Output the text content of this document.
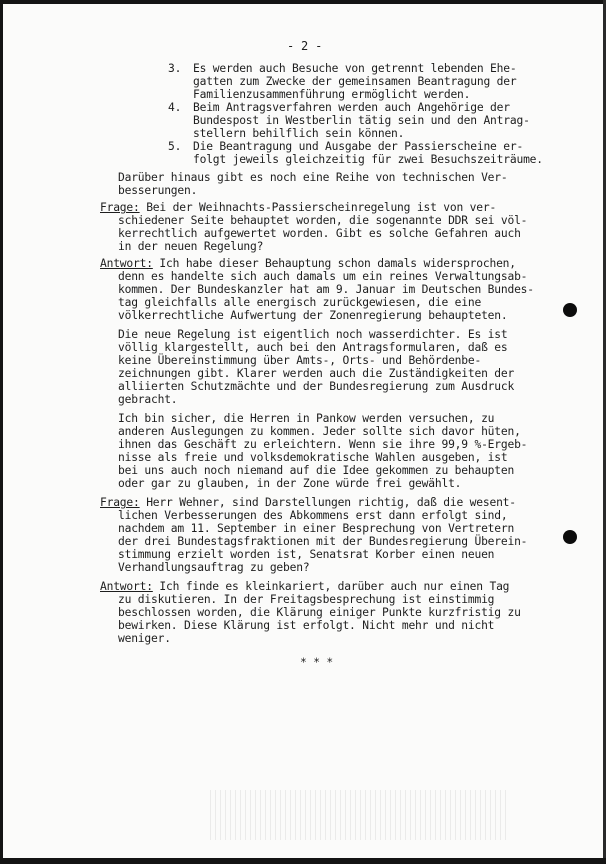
- 2 -
3. Es werden auch Besuche von getrennt lebenden Ehe-
gatten zum Zwecke der gemeinsamen Beantragung der
Familienzusammenführung ermöglicht werden.
4. Beim Antragsverfahren werden auch Angehörige der
Bundespost in Westberlin tätig sein und den Antrag-
stellern behilflich sein können.
5. Die Beantragung und Ausgabe der Passierscheine er-
folgt jeweils gleichzeitig für zwei Besuchszeiträume.
Darüber hinaus gibt es noch eine Reihe von technischen Ver-
besserungen.
Frage: Bei der Weihnachts-Passierscheinregelung ist von ver-
schiedener Seite behauptet worden, die sogenannte DDR sei völ-
kerrechtlich aufgewertet worden. Gibt es solche Gefahren auch
in der neuen Regelung?
Antwort: Ich habe dieser Behauptung schon damals widersprochen,
denn es handelte sich auch damals um ein reines Verwaltungsab-
kommen. Der Bundeskanzler hat am 9. Januar im Deutschen Bundes-
tag gleichfalls alle energisch zurückgewiesen, die eine
völkerrechtliche Aufwertung der Zonenregierung behaupteten.
Die neue Regelung ist eigentlich noch wasserdichter. Es ist
völlig klargestellt, auch bei den Antragsformularen, daß es
keine Übereinstimmung über Amts-, Orts- und Behördenbe-
zeichnungen gibt. Klarer werden auch die Zuständigkeiten der
alliierten Schutzmächte und der Bundesregierung zum Ausdruck
gebracht.
Ich bin sicher, die Herren in Pankow werden versuchen, zu
anderen Auslegungen zu kommen. Jeder sollte sich davor hüten,
ihnen das Geschäft zu erleichtern. Wenn sie ihre 99,9 %-Ergeb-
nisse als freie und volksdemokratische Wahlen ausgeben, ist
bei uns auch noch niemand auf die Idee gekommen zu behaupten
oder gar zu glauben, in der Zone würde frei gewählt.
Frage: Herr Wehner, sind Darstellungen richtig, daß die wesent-
lichen Verbesserungen des Abkommens erst dann erfolgt sind,
nachdem am 11. September in einer Besprechung von Vertretern
der drei Bundestagsfraktionen mit der Bundesregierung Überein-
stimmung erzielt worden ist, Senatsrat Korber einen neuen
Verhandlungsauftrag zu geben?
Antwort: Ich finde es kleinkariert, darüber auch nur einen Tag
zu diskutieren. In der Freitagsbesprechung ist einstimmig
beschlossen worden, die Klärung einiger Punkte kurzfristig zu
bewirken. Diese Klärung ist erfolgt. Nicht mehr und nicht
weniger.
* * *
